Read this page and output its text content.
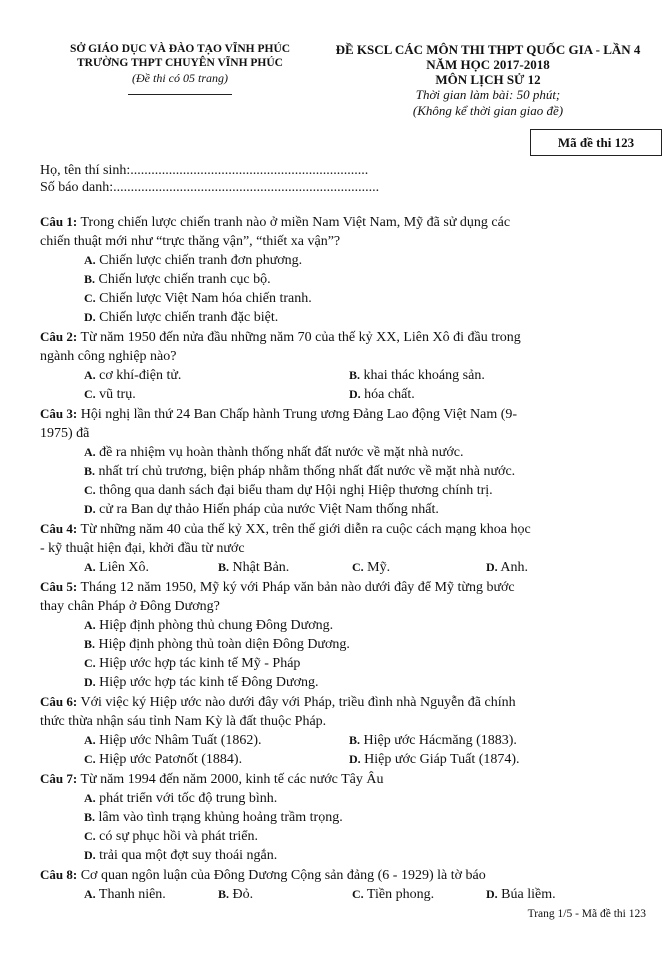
SỞ GIÁO DỤC VÀ ĐÀO TẠO VĨNH PHÚC
TRƯỜNG THPT CHUYÊN VĨNH PHÚC
(Đề thi có 05 trang)
ĐỀ KSCL CÁC MÔN THI THPT QUỐC GIA - LẦN 4
NĂM HỌC 2017-2018
MÔN LỊCH SỬ 12
Thời gian làm bài: 50 phút;
(Không kể thời gian giao đề)
Mã đề thi 123
Họ, tên thí sinh:....................................................................
Số báo danh:............................................................................
Câu 1: Trong chiến lược chiến tranh nào ở miền Nam Việt Nam, Mỹ đã sử dụng các
chiến thuật mới như “trực thăng vận”, “thiết xa vận”?
A. Chiến lược chiến tranh đơn phương.
B. Chiến lược chiến tranh cục bộ.
C. Chiến lược Việt Nam hóa chiến tranh.
D. Chiến lược chiến tranh đặc biệt.
Câu 2: Từ năm 1950 đến nửa đầu những năm 70 của thế kỷ XX, Liên Xô đi đầu trong
ngành công nghiệp nào?
A. cơ khí-điện tử.	B. khai thác khoáng sản.
C. vũ trụ.	D. hóa chất.
Câu 3: Hội nghị lần thứ 24 Ban Chấp hành Trung ương Đảng Lao động Việt Nam (9-
1975) đã
A. đề ra nhiệm vụ hoàn thành thống nhất đất nước về mặt nhà nước.
B. nhất trí chủ trương, biện pháp nhằm thống nhất đất nước về mặt nhà nước.
C. thông qua danh sách đại biểu tham dự Hội nghị Hiệp thương chính trị.
D. cử ra Ban dự thảo Hiến pháp của nước Việt Nam thống nhất.
Câu 4: Từ những năm 40 của thế kỷ XX, trên thế giới diễn ra cuộc cách mạng khoa học
- kỹ thuật hiện đại, khởi đầu từ nước
A. Liên Xô.	B. Nhật Bản.	C. Mỹ.	D. Anh.
Câu 5: Tháng 12 năm 1950, Mỹ ký với Pháp văn bản nào dưới đây để Mỹ từng bước
thay chân Pháp ở Đông Dương?
A. Hiệp định phòng thủ chung Đông Dương.
B. Hiệp định phòng thủ toàn diện Đông Dương.
C. Hiệp ước hợp tác kinh tế Mỹ - Pháp
D. Hiệp ước hợp tác kinh tế Đông Dương.
Câu 6: Với việc ký Hiệp ước nào dưới đây với Pháp, triều đình nhà Nguyễn đã chính
thức thừa nhận sáu tỉnh Nam Kỳ là đất thuộc Pháp.
A. Hiệp ước Nhâm Tuất (1862).	B. Hiệp ước Hácmăng (1883).
C. Hiệp ước Patơnốt (1884).	D. Hiệp ước Giáp Tuất (1874).
Câu 7: Từ năm 1994 đến năm 2000, kinh tế các nước Tây Âu
A. phát triển với tốc độ trung bình.
B. lâm vào tình trạng khủng hoảng trầm trọng.
C. có sự phục hồi và phát triển.
D. trải qua một đợt suy thoái ngắn.
Câu 8: Cơ quan ngôn luận của Đông Dương Cộng sản đảng (6 - 1929) là tờ báo
A. Thanh niên.	B. Đỏ.	C. Tiền phong.	D. Búa liềm.
Trang 1/5 - Mã đề thi 123
